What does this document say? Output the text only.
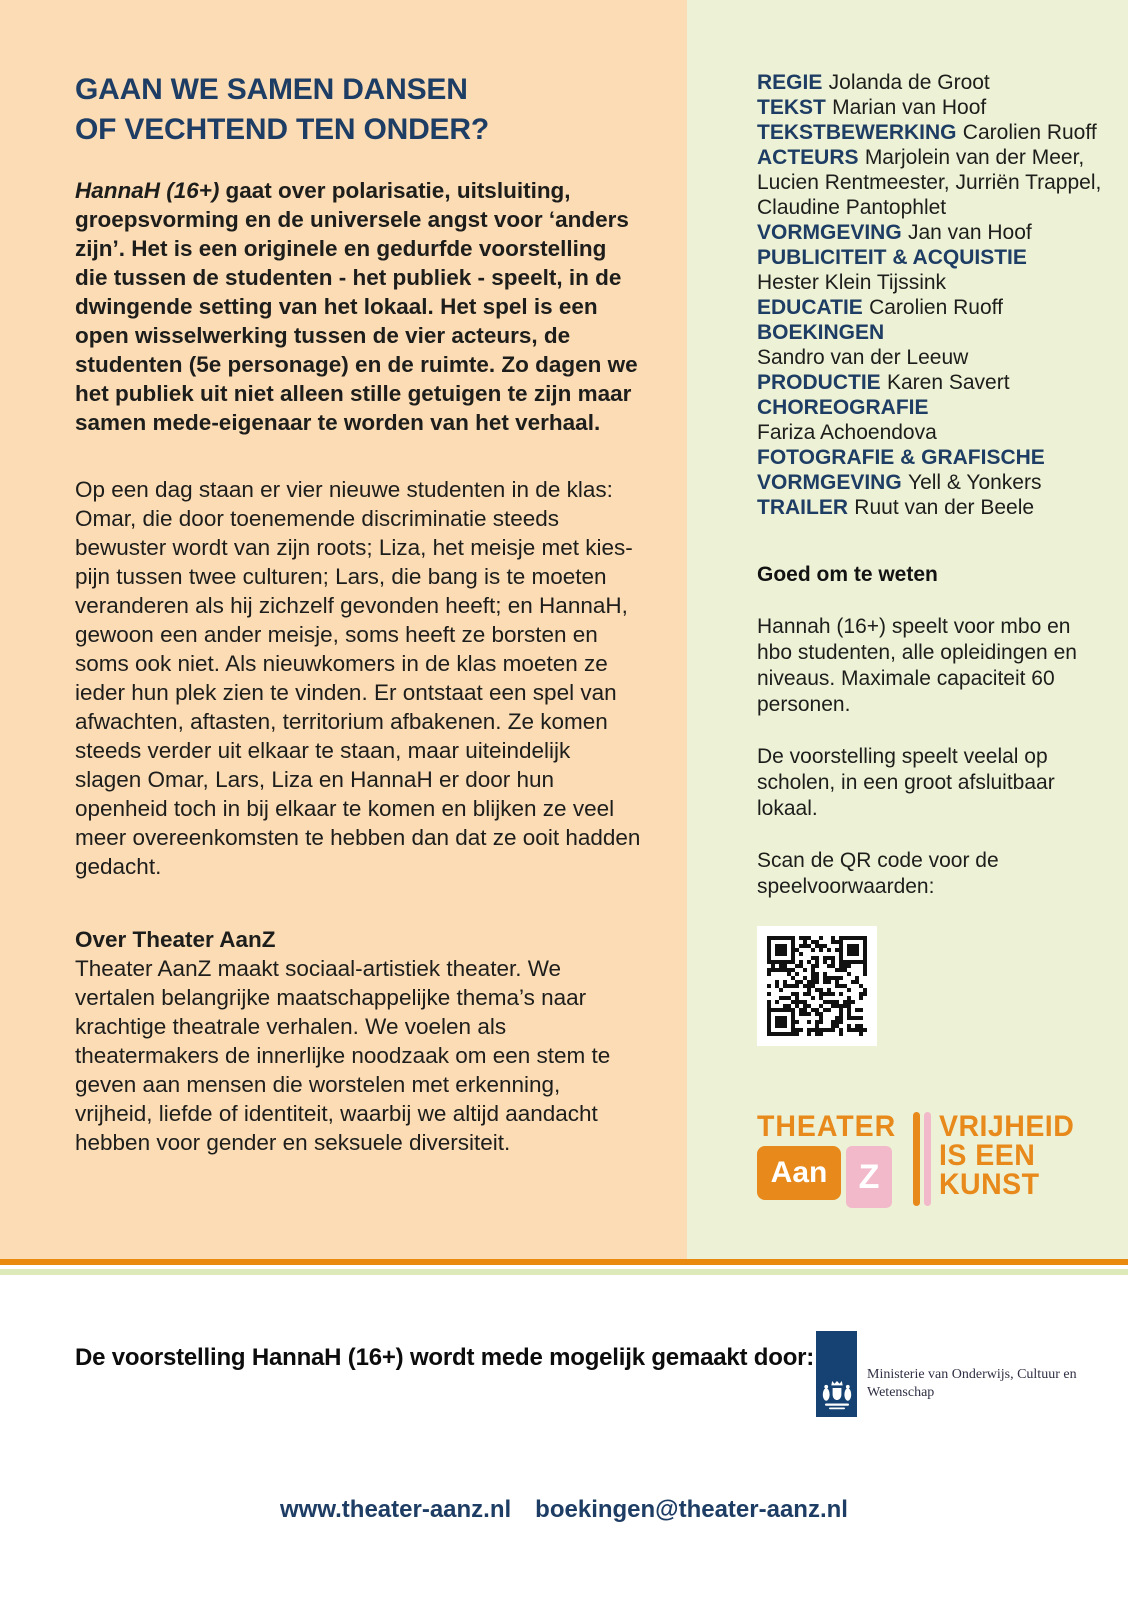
GAAN WE SAMEN DANSEN
OF VECHTEND TEN ONDER?

HannaH (16+) gaat over polarisatie, uitsluiting, groepsvorming en de universele angst voor ‘anders zijn’. Het is een originele en gedurfde voorstelling die tussen de studenten - het publiek - speelt, in de dwingende setting van het lokaal. Het spel is een open wisselwerking tussen de vier acteurs, de studenten (5e personage) en de ruimte. Zo dagen we het publiek uit niet alleen stille getuigen te zijn maar samen mede-eigenaar te worden van het verhaal.

Op een dag staan er vier nieuwe studenten in de klas: Omar, die door toenemende discriminatie steeds bewuster wordt van zijn roots; Liza, het meisje met kies-pijn tussen twee culturen; Lars, die bang is te moeten veranderen als hij zichzelf gevonden heeft; en HannaH, gewoon een ander meisje, soms heeft ze borsten en soms ook niet. Als nieuwkomers in de klas moeten ze ieder hun plek zien te vinden. Er ontstaat een spel van afwachten, aftasten, territorium afbakenen. Ze komen steeds verder uit elkaar te staan, maar uiteindelijk slagen Omar, Lars, Liza en HannaH er door hun openheid toch in bij elkaar te komen en blijken ze veel meer overeenkomsten te hebben dan dat ze ooit hadden gedacht.

Over Theater AanZ

Theater AanZ maakt sociaal-artistiek theater. We vertalen belangrijke maatschappelijke thema’s naar krachtige theatrale verhalen. We voelen als theatermakers de innerlijke noodzaak om een stem te geven aan mensen die worstelen met erkenning, vrijheid, liefde of identiteit, waarbij we altijd aandacht hebben voor gender en seksuele diversiteit.

REGIE Jolanda de Groot
TEKST Marian van Hoof
TEKSTBEWERKING Carolien Ruoff
ACTEURS Marjolein van der Meer,
Lucien Rentmeester, Jurriën Trappel,
Claudine Pantophlet
VORMGEVING Jan van Hoof
PUBLICITEIT & ACQUISTIE
Hester Klein Tijssink
EDUCATIE Carolien Ruoff
BOEKINGEN
Sandro van der Leeuw
PRODUCTIE Karen Savert
CHOREOGRAFIE
Fariza Achoendova
FOTOGRAFIE & GRAFISCHE
VORMGEVING Yell & Yonkers
TRAILER Ruut van der Beele

Goed om te weten

Hannah (16+) speelt voor mbo en hbo studenten, alle opleidingen en niveaus. Maximale capaciteit 60 personen.

De voorstelling speelt veelal op scholen, in een groot afsluitbaar lokaal.

Scan de QR code voor de speelvoorwaarden:

THEATER
Aan Z
VRIJHEID
IS EEN
KUNST
De voorstelling HannaH (16+) wordt mede mogelijk gemaakt door:
Ministerie van Onderwijs, Cultuur en Wetenschap
www.theater-aanz.nl boekingen@theater-aanz.nl
